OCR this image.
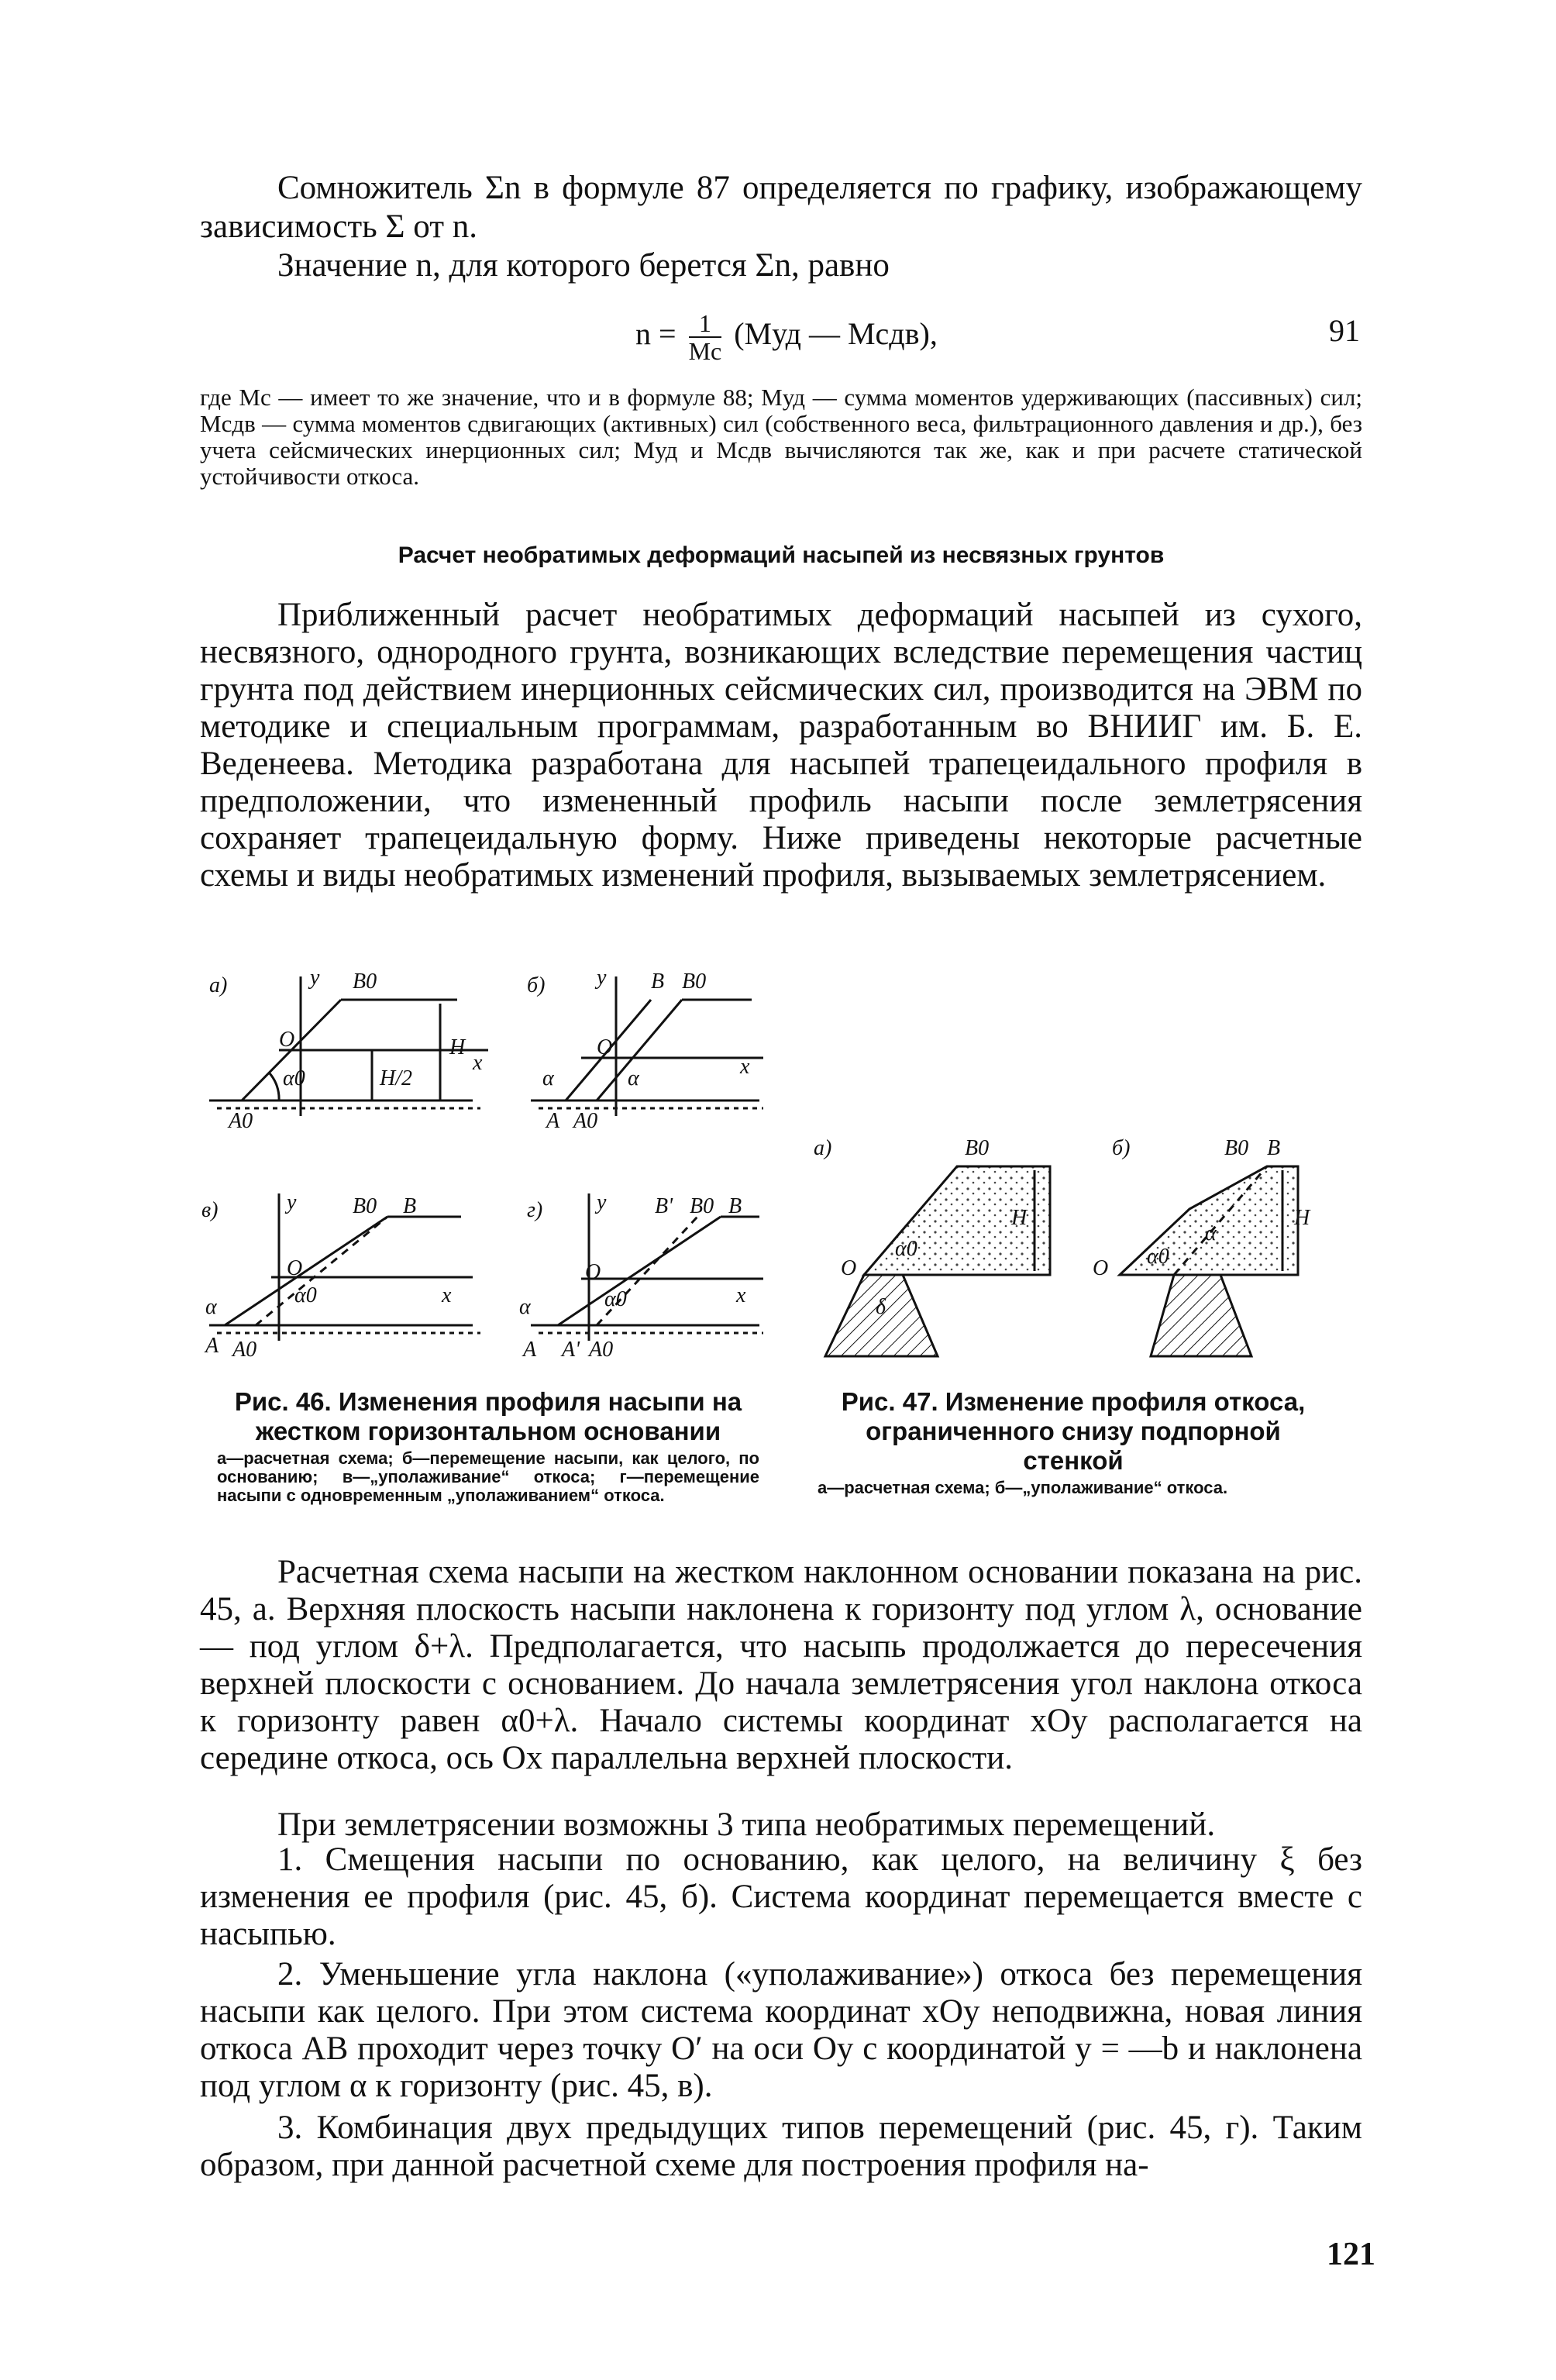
Сомножитель Σn в формуле 87 определяется по графику, изображающему зависимость Σ от n.
Значение n, для которого берется Σn, равно
$n = \frac{1}{Mc} (Mуд$ — Mсдв),	91
где Mс — имеет то же значение, что и в формуле 88; Mуд — сумма моментов удерживающих (пассивных) сил; Mсдв — сумма моментов сдвигающих (активных) сил (собственного веса, фильтрационного давления и др.), без учета сейсмических инерционных сил; Mуд и Mсдв вычисляются так же, как и при расчете статической устойчивости откоса.
Расчет необратимых деформаций насыпей из несвязных грунтов
Приближенный расчет необратимых деформаций насыпей из сухого, несвязного, однородного грунта, возникающих вследствие перемещения частиц грунта под действием инерционных сейсмических сил, производится на ЭВМ по методике и специальным программам, разработанным во ВНИИГ им. Б. Е. Веденеева. Методика разработана для насыпей трапецеидального профиля в предположении, что измененный профиль насыпи после землетрясения сохраняет трапецеидальную форму. Ниже приведены некоторые расчетные схемы и виды необратимых изменений профиля, вызываемых землетрясением.
а)	y B0
O
x
H
H/2
α0
A0
б) y B B0
O
x
α	α
A A0
в)	y	B0 B
O
x
α	α0
A A0
г) y B' B0 B
O
x
α	α0
A A' A0
а)	B0
O
α0
H
δ
б)	B0 B
O α0
α
H
Рис. 46. Изменения профиля насыпи на жестком горизонтальном основании
а—расчетная схема; б—перемещение насыпи, как целого, по основанию; в—„уполаживание“ откоса; г—перемещение насыпи с одновременным „уполаживанием“ откоса.
Рис. 47. Изменение профиля откоса, ограниченного снизу подпорной стенкой
а—расчетная схема; б—„уполаживание“ откоса.
Расчетная схема насыпи на жестком наклонном основании показана на рис. 45, а. Верхняя плоскость насыпи наклонена к горизонту под углом λ, основание — под углом δ+λ. Предполагается, что насыпь продолжается до пересечения верхней плоскости с основанием. До начала землетрясения угол наклона откоса к горизонту равен α0+λ. Начало системы координат xOy располагается на середине откоса, ось Ox параллельна верхней плоскости.
При землетрясении возможны 3 типа необратимых перемещений.
1. Смещения насыпи по основанию, как целого, на величину ξ без изменения ее профиля (рис. 45, б). Система координат перемещается вместе с насыпью.
2. Уменьшение угла наклона («уполаживание») откоса без перемещения насыпи как целого. При этом система координат xOy неподвижна, новая линия откоса AB проходит через точку O′ на оси Oy с координатой y = —b и наклонена под углом α к горизонту (рис. 45, в).
3. Комбинация двух предыдущих типов перемещений (рис. 45, г). Таким образом, при данной расчетной схеме для построения профиля на-
121
